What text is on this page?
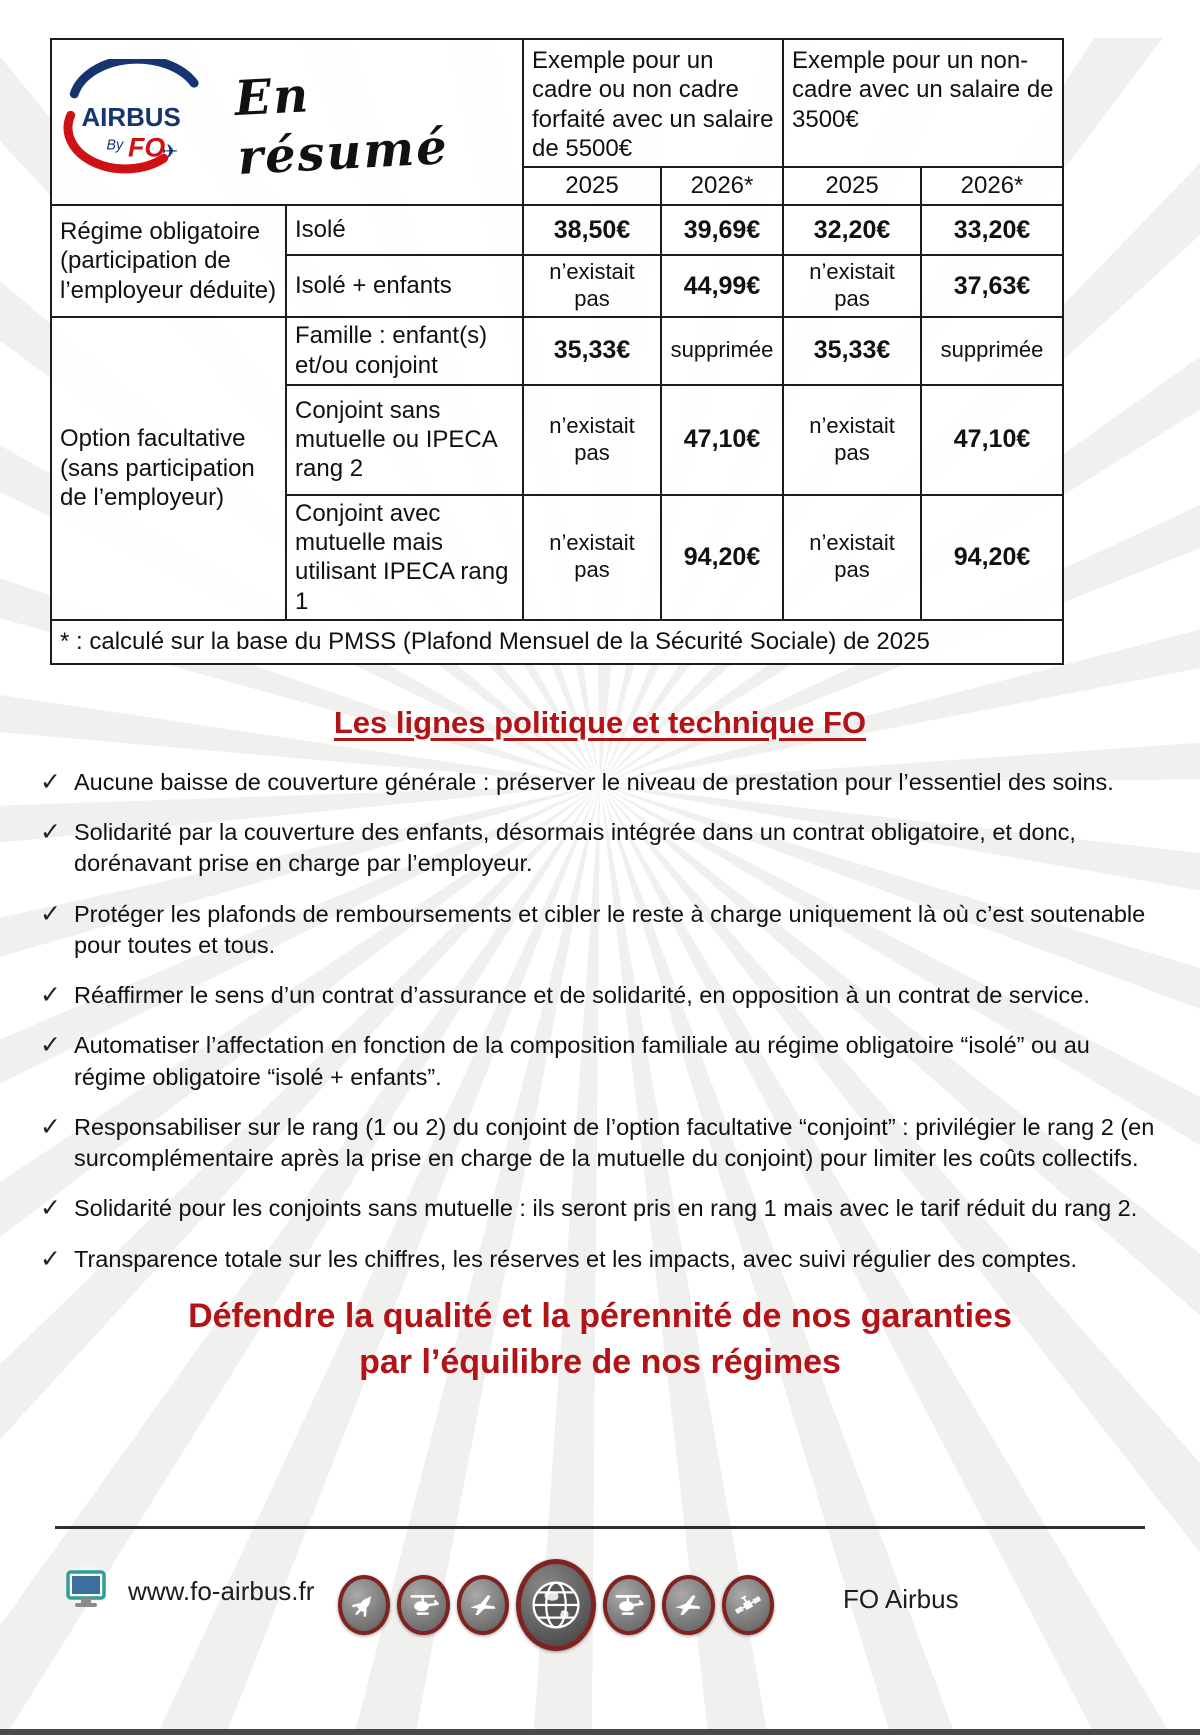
AIRBUS
By FO
✈
En résumé		Exemple pour un cadre ou non cadre forfaité avec un salaire de 5500€		Exemple pour un non-cadre avec un salaire de 3500€	
		2025	2026*	2025	2026*
Régime obligatoire (participation de l’employeur déduite)	Isolé	38,50€	39,69€	32,20€	33,20€
	Isolé + enfants	n’existait pas	44,99€	n’existait pas	37,63€
Option facultative (sans participation de l’employeur)	Famille : enfant(s) et/ou conjoint	35,33€	supprimée	35,33€	supprimée
	Conjoint sans mutuelle ou IPECA rang 2	n’existait pas	47,10€	n’existait pas	47,10€
	Conjoint avec mutuelle mais utilisant IPECA rang 1	n’existait pas	94,20€	n’existait pas	94,20€
* : calculé sur la base du PMSS (Plafond Mensuel de la Sécurité Sociale) de 2025					
Les lignes politique et technique FO
✓ Aucune baisse de couverture générale : préserver le niveau de prestation pour l’essentiel des soins.
✓ Solidarité par la couverture des enfants, désormais intégrée dans un contrat obligatoire, et donc, dorénavant prise en charge par l’employeur.
✓ Protéger les plafonds de remboursements et cibler le reste à charge uniquement là où c’est soutenable pour toutes et tous.
✓ Réaffirmer le sens d’un contrat d’assurance et de solidarité, en opposition à un contrat de service.
✓ Automatiser l’affectation en fonction de la composition familiale au régime obligatoire “isolé” ou au régime obligatoire “isolé + enfants”.
✓ Responsabiliser sur le rang (1 ou 2) du conjoint de l’option facultative “conjoint” : privilégier le rang 2 (en surcomplémentaire après la prise en charge de la mutuelle du conjoint) pour limiter les coûts collectifs.
✓ Solidarité pour les conjoints sans mutuelle : ils seront pris en rang 1 mais avec le tarif réduit du rang 2.
✓ Transparence totale sur les chiffres, les réserves et les impacts, avec suivi régulier des comptes.
Défendre la qualité et la pérennité de nos garanties
par l’équilibre de nos régimes
www.fo-airbus.fr	FO Airbus
